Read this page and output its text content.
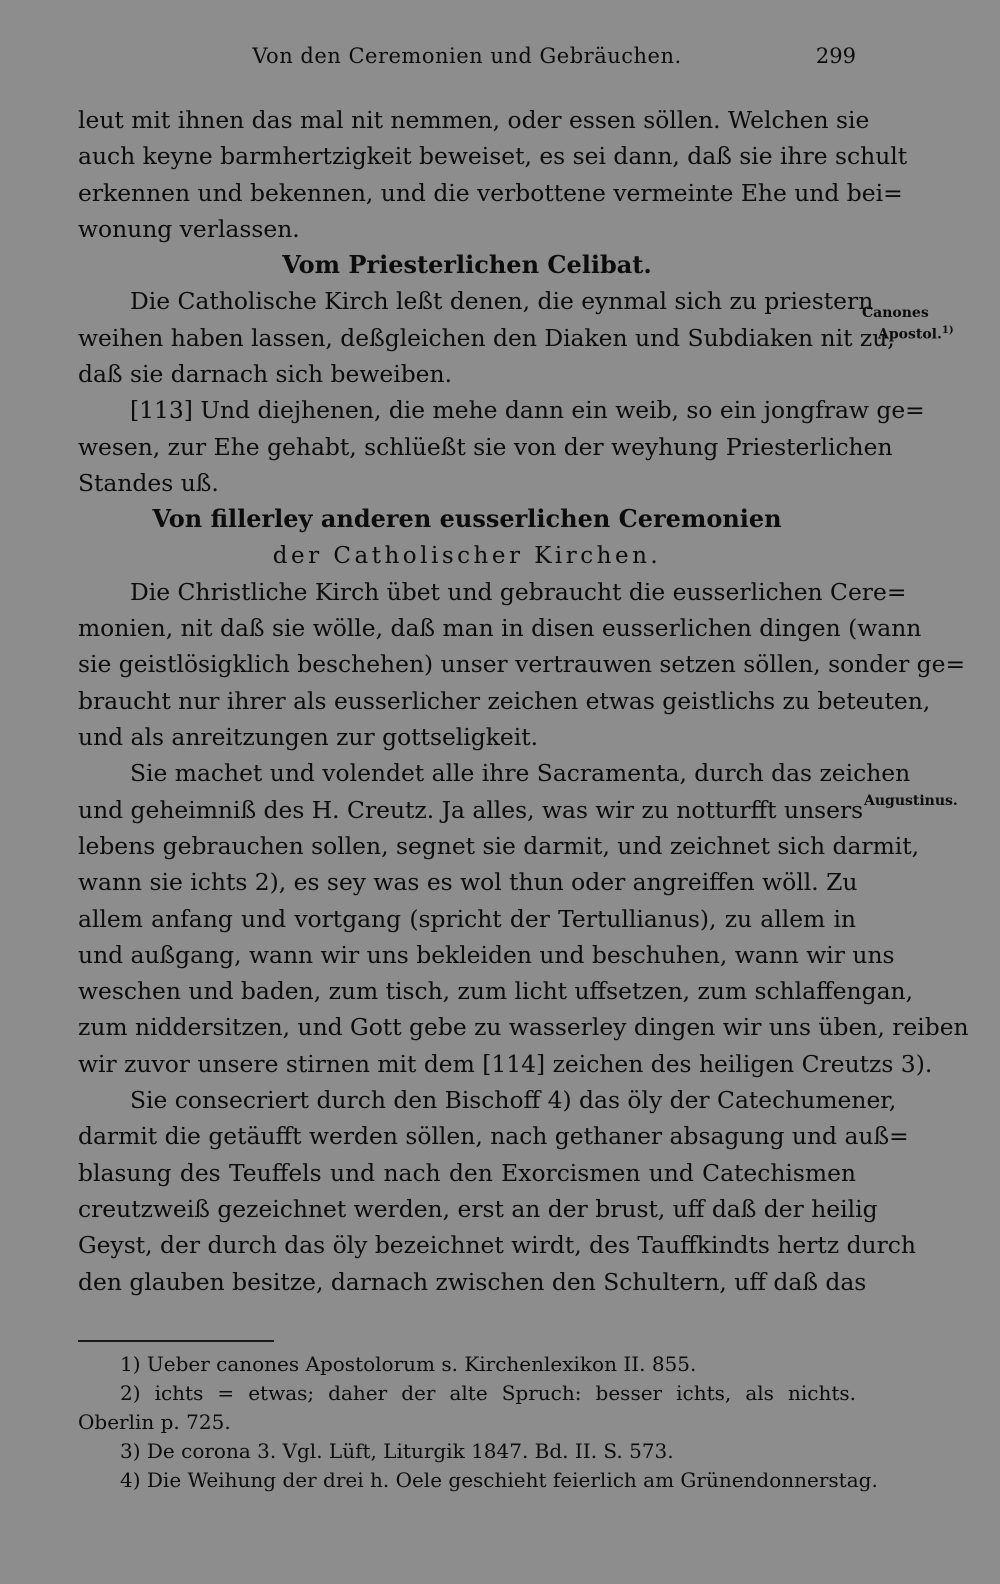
Von den Ceremonien und Gebräuchen.	299
leut mit ihnen das mal nit nemmen, oder essen söllen. Welchen sie
auch keyne barmhertzigkeit beweiset, es sei dann, daß sie ihre schult
erkennen und bekennen, und die verbottene vermeinte Ehe und bei=
wonung verlassen.
Vom Priesterlichen Celibat.
Die Catholische Kirch leßt denen, die eynmal sich zu priestern
weihen haben lassen, deßgleichen den Diaken und Subdiaken nit zu,
daß sie darnach sich beweiben.
[113] Und diejhenen, die mehe dann ein weib, so ein jongfraw ge=
wesen, zur Ehe gehabt, schlüeßt sie von der weyhung Priesterlichen
Standes uß.
Von fillerley anderen eusserlichen Ceremonien
der Catholischer Kirchen.
Die Christliche Kirch übet und gebraucht die eusserlichen Cere=
monien, nit daß sie wölle, daß man in disen eusserlichen dingen (wann
sie geistlösigklich beschehen) unser vertrauwen setzen söllen, sonder ge=
braucht nur ihrer als eusserlicher zeichen etwas geistlichs zu beteuten,
und als anreitzungen zur gottseligkeit.
Sie machet und volendet alle ihre Sacramenta, durch das zeichen
und geheimniß des H. Creutz. Ja alles, was wir zu notturfft unsers
lebens gebrauchen sollen, segnet sie darmit, und zeichnet sich darmit,
wann sie ichts 2), es sey was es wol thun oder angreiffen wöll. Zu
allem anfang und vortgang (spricht der Tertullianus), zu allem in
und außgang, wann wir uns bekleiden und beschuhen, wann wir uns
weschen und baden, zum tisch, zum licht uffsetzen, zum schlaffengan,
zum niddersitzen, und Gott gebe zu wasserley dingen wir uns üben, reiben
wir zuvor unsere stirnen mit dem [114] zeichen des heiligen Creutzs 3).
Sie consecriert durch den Bischoff 4) das öly der Catechumener,
darmit die getäufft werden söllen, nach gethaner absagung und auß=
blasung des Teuffels und nach den Exorcismen und Catechismen
creutzweiß gezeichnet werden, erst an der brust, uff daß der heilig
Geyst, der durch das öly bezeichnet wirdt, des Tauffkindts hertz durch
den glauben besitze, darnach zwischen den Schultern, uff daß das
Canones
Apostol.$^{1)}$
Augustinus.
1) Ueber canones Apostolorum s. Kirchenlexikon II. 855.
2) ichts = etwas; daher der alte Spruch: besser ichts, als nichts.
Oberlin p. 725.
3) De corona 3. Vgl. Lüft, Liturgik 1847. Bd. II. S. 573.
4) Die Weihung der drei h. Oele geschieht feierlich am Grünendonnerstag.
